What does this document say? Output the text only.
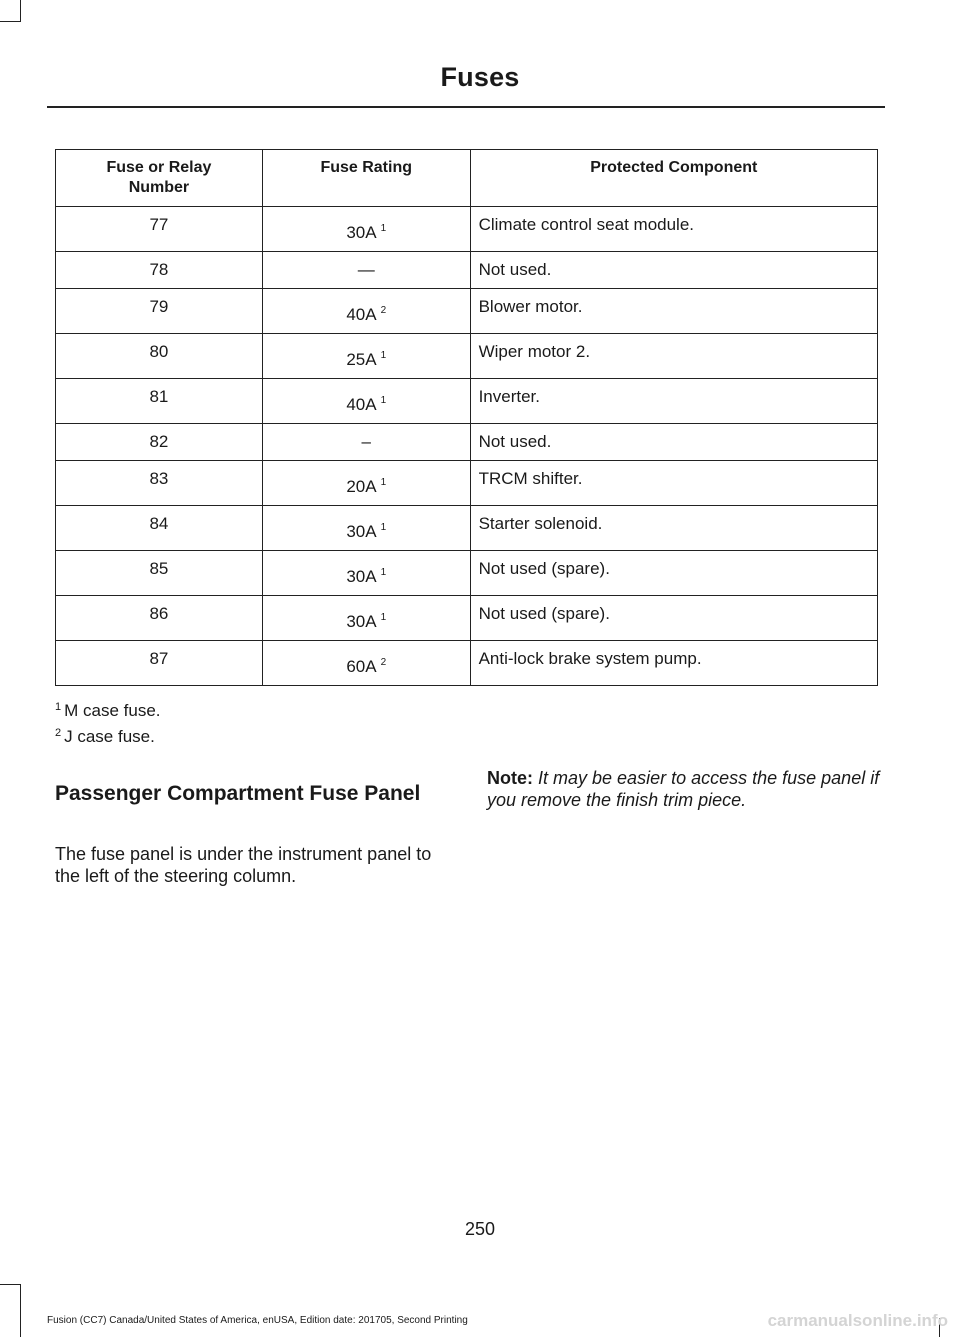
Fuses
Fuse or Relay Number	Fuse Rating	Protected Component
77	30A $^1$	Climate control seat module.
78	—	Not used.
79	40A $^2$	Blower motor.
80	25A $^1$	Wiper motor 2.
81	40A $^1$	Inverter.
82	–	Not used.
83	20A $^1$	TRCM shifter.
84	30A $^1$	Starter solenoid.
85	30A $^1$	Not used (spare).
86	30A $^1$	Not used (spare).
87	60A $^2$	Anti-lock brake system pump.
$^1$ M case fuse.
$^2$ J case fuse.
Passenger Compartment Fuse Panel
The fuse panel is under the instrument panel to the left of the steering column.
Note: It may be easier to access the fuse panel if you remove the finish trim piece.
250
Fusion (CC7) Canada/United States of America, enUSA, Edition date: 201705, Second Printing	carmanualsonline.info
